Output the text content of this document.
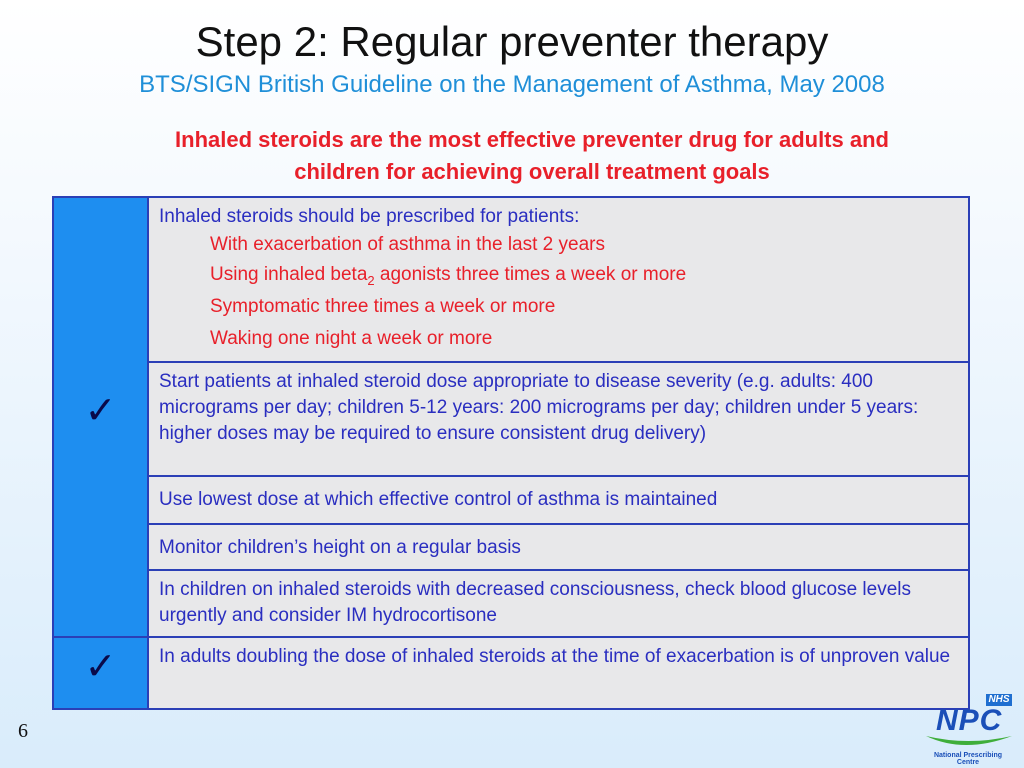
Step 2: Regular preventer therapy
BTS/SIGN British Guideline on the Management of Asthma, May 2008
Inhaled steroids are the most effective preventer drug for adults and
children for achieving overall treatment goals
✓
✓
Inhaled steroids should be prescribed for patients:
With exacerbation of asthma in the last 2 years
Using inhaled beta$_2$ agonists three times a week or more
Symptomatic three times a week or more
Waking one night a week or more
Start patients at inhaled steroid dose appropriate to disease severity (e.g. adults: 400 micrograms per day; children 5-12 years: 200 micrograms per day; children under 5 years: higher doses may be required to ensure consistent drug delivery)
Use lowest dose at which effective control of asthma is maintained
Monitor children’s height on a regular basis
In children on inhaled steroids with decreased consciousness, check blood glucose levels urgently and consider IM hydrocortisone
In adults doubling the dose of inhaled steroids at the time of exacerbation is of unproven value
6
NHS
NPC
National Prescribing Centre
